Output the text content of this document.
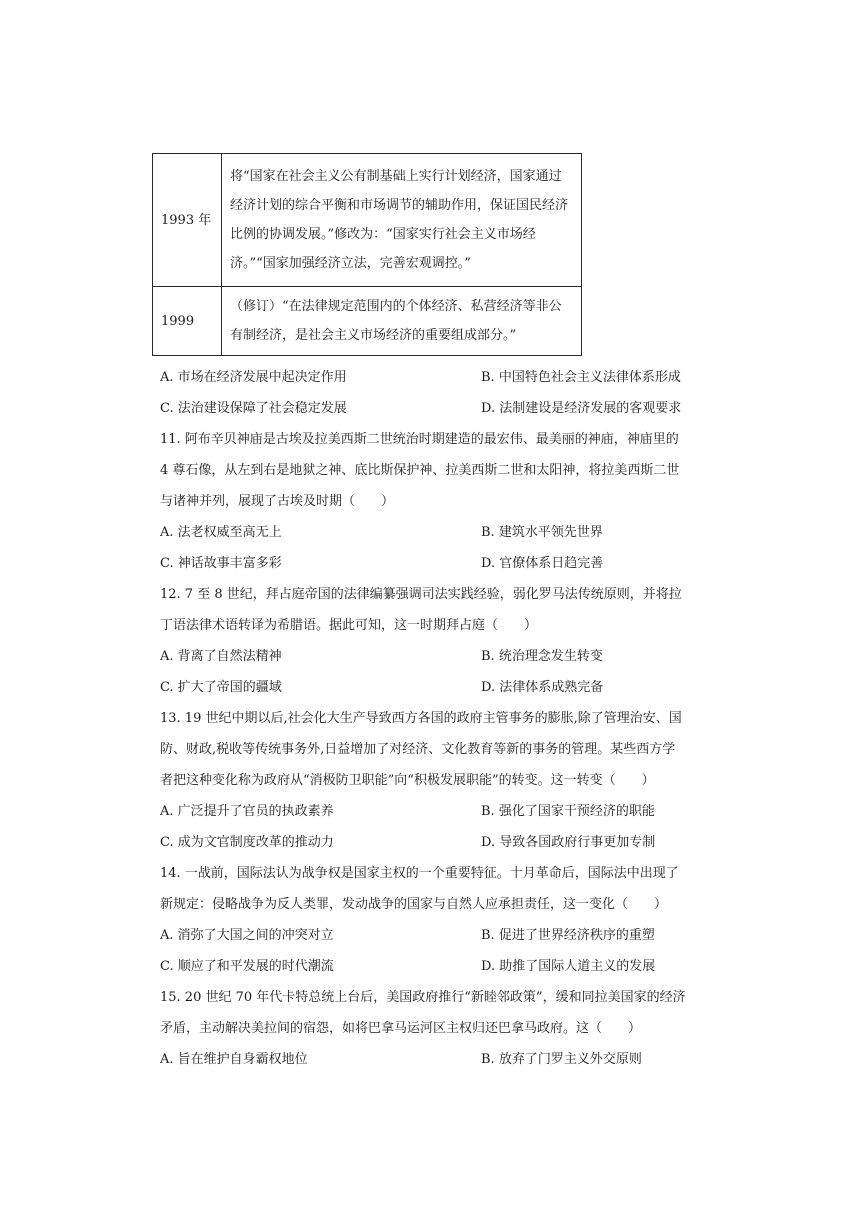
1993 年	将“国家在社会主义公有制基础上实行计划经济，国家通过经济计划的综合平衡和市场调节的辅助作用，保证国民经济比例的协调发展。”修改为：“国家实行社会主义市场经济。”“国家加强经济立法，完善宏观调控。”
1999	（修订）“在法律规定范围内的个体经济、私营经济等非公有制经济，是社会主义市场经济的重要组成部分。”
A. 市场在经济发展中起决定作用	B. 中国特色社会主义法律体系形成
C. 法治建设保障了社会稳定发展	D. 法制建设是经济发展的客观要求
11. 阿布辛贝神庙是古埃及拉美西斯二世统治时期建造的最宏伟、最美丽的神庙，神庙里的
4 尊石像，从左到右是地狱之神、底比斯保护神、拉美西斯二世和太阳神，将拉美西斯二世
与诸神并列，展现了古埃及时期（　　）
A. 法老权威至高无上	B. 建筑水平领先世界
C. 神话故事丰富多彩	D. 官僚体系日趋完善
12. 7 至 8 世纪，拜占庭帝国的法律编纂强调司法实践经验，弱化罗马法传统原则，并将拉
丁语法律术语转译为希腊语。据此可知，这一时期拜占庭（　　）
A. 背离了自然法精神	B. 统治理念发生转变
C. 扩大了帝国的疆域	D. 法律体系成熟完备
13. 19 世纪中期以后,社会化大生产导致西方各国的政府主管事务的膨胀,除了管理治安、国
防、财政,税收等传统事务外,日益增加了对经济、文化教育等新的事务的管理。某些西方学
者把这种变化称为政府从“消极防卫职能”向“积极发展职能”的转变。这一转变（　　）
A. 广泛提升了官员的执政素养	B. 强化了国家干预经济的职能
C. 成为文官制度改革的推动力	D. 导致各国政府行事更加专制
14. 一战前，国际法认为战争权是国家主权的一个重要特征。十月革命后，国际法中出现了
新规定：侵略战争为反人类罪，发动战争的国家与自然人应承担责任，这一变化（　　）
A. 消弥了大国之间的冲突对立	B. 促进了世界经济秩序的重塑
C. 顺应了和平发展的时代潮流	D. 助推了国际人道主义的发展
15. 20 世纪 70 年代卡特总统上台后，美国政府推行“新睦邻政策”，缓和同拉美国家的经济
矛盾，主动解决美拉间的宿怨，如将巴拿马运河区主权归还巴拿马政府。这（　　）
A. 旨在维护自身霸权地位	B. 放弃了门罗主义外交原则
